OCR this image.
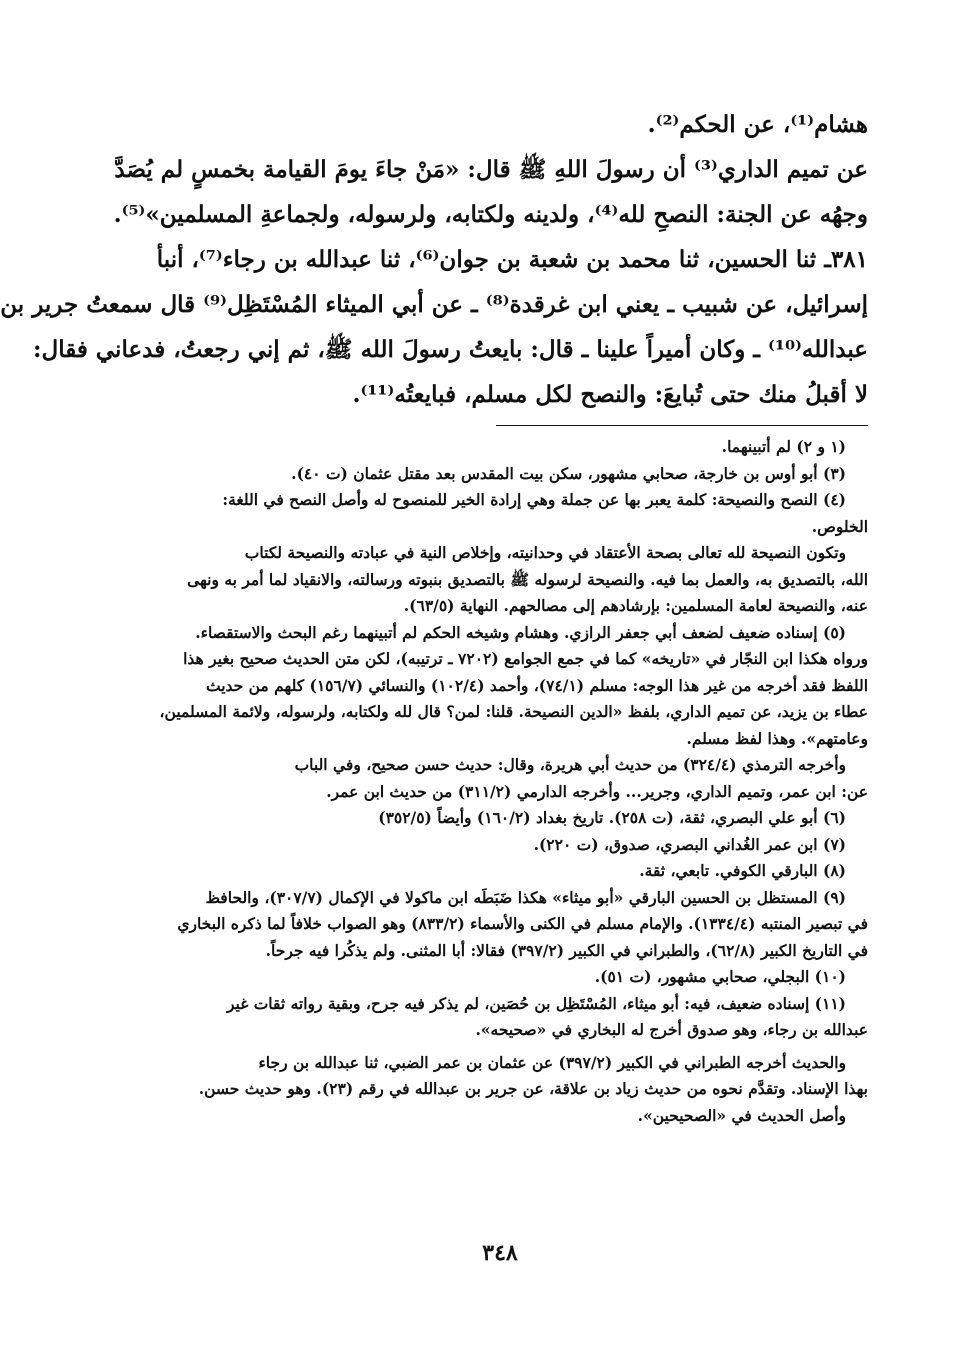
هشام⁽¹⁾، عن الحكم⁽²⁾.

عن تميم الداري⁽³⁾ أن رسولَ اللهِ ﷺ قال: «مَنْ جاءَ يومَ القيامة بخمسٍ لم يُصَدَّ

وجهُه عن الجنة: النصحِ لله⁽⁴⁾، ولدينه ولكتابه، ولرسوله، ولجماعةِ المسلمين»⁽⁵⁾.

٣٨١ـ ثنا الحسين، ثنا محمد بن شعبة بن جوان⁽⁶⁾، ثنا عبدالله بن رجاء⁽⁷⁾، أنبأ

إسرائيل، عن شبيب ـ يعني ابن غرقدة⁽⁸⁾ ـ عن أبي الميثاء المُسْتَظِل⁽⁹⁾ قال سمعتُ جرير بن

عبدالله⁽¹⁰⁾ ـ وكان أميراً علينا ـ قال: بايعتُ رسولَ الله ﷺ، ثم إني رجعتُ، فدعاني فقال:

لا أقبلُ منك حتى تُبايعَ: والنصح لكل مسلم، فبايعتُه⁽¹¹⁾.

(١ و ٢) لم أتبينهما.

(٣) أبو أوس بن خارجة، صحابي مشهور، سكن بيت المقدس بعد مقتل عثمان (ت ٤٠).

(٤) النصح والنصيحة: كلمة يعبر بها عن جملة وهي إرادة الخير للمنصوح له وأصل النصح في اللغة:

الخلوص.

وتكون النصيحة لله تعالى بصحة الأعتقاد في وحدانيته، وإخلاص النية في عبادته والنصيحة لكتاب

الله، بالتصديق به، والعمل بما فيه. والنصيحة لرسوله ﷺ بالتصديق بنبوته ورسالته، والانقياد لما أمر به ونهى

عنه، والنصيحة لعامة المسلمين: بإرشادهم إلى مصالحهم. النهاية (٦٣/٥).

(٥) إسناده ضعيف لضعف أبي جعفر الرازي. وهشام وشيخه الحكم لم أتبينهما رغم البحث والاستقصاء.

ورواه هكذا ابن النجّار في «تاريخه» كما في جمع الجوامع (٧٢٠٢ ـ ترتيبه)، لكن متن الحديث صحيح بغير هذا

اللفظ فقد أخرجه من غير هذا الوجه: مسلم (٧٤/١)، وأحمد (١٠٢/٤) والنسائي (١٥٦/٧) كلهم من حديث

عطاء بن يزيد، عن تميم الداري، بلفظ «الدين النصيحة. قلنا: لمن؟ قال لله ولكتابه، ولرسوله، ولائمة المسلمين،

وعامتهم». وهذا لفظ مسلم.

وأخرجه الترمذي (٣٢٤/٤) من حديث أبي هريرة، وقال: حديث حسن صحيح، وفي الباب

عن: ابن عمر، وتميم الداري، وجرير... وأخرجه الدارمي (٣١١/٢) من حديث ابن عمر.

(٦) أبو علي البصري، ثقة، (ت ٢٥٨). تاريخ بغداد (١٦٠/٢) وأيضاً (٣٥٢/٥)

(٧) ابن عمر الغُداني البصري، صدوق، (ت ٢٢٠).

(٨) البارقي الكوفي. تابعي، ثقة.

(٩) المستظل بن الحسين البارقي «أبو ميثاء» هكذا ضَبَطَه ابن ماكولا في الإكمال (٣٠٧/٧)، والحافظ

في تبصير المنتبه (١٣٣٤/٤). والإمام مسلم في الكنى والأسماء (٨٣٣/٢) وهو الصواب خلافاً لما ذكره البخاري

في التاريخ الكبير (٦٢/٨)، والطبراني في الكبير (٣٩٧/٢) فقالا: أبا المثنى. ولم يذكُرا فيه جرحاً.

(١٠) البجلي، صحابي مشهور، (ت ٥١).

(١١) إسناده ضعيف، فيه: أبو ميثاء، المُسْتَظِل بن حُصَين، لم يذكر فيه جرح، وبقية رواته ثقات غير

عبدالله بن رجاء، وهو صدوق أخرج له البخاري في «صحيحه».

والحديث أخرجه الطبراني في الكبير (٣٩٧/٢) عن عثمان بن عمر الضبي، ثنا عبدالله بن رجاء

بهذا الإسناد. وتقدَّم نحوه من حديث زياد بن علاقة، عن جرير بن عبدالله في رقم (٢٣). وهو حديث حسن.

وأصل الحديث في «الصحيحين».

٣٤٨
